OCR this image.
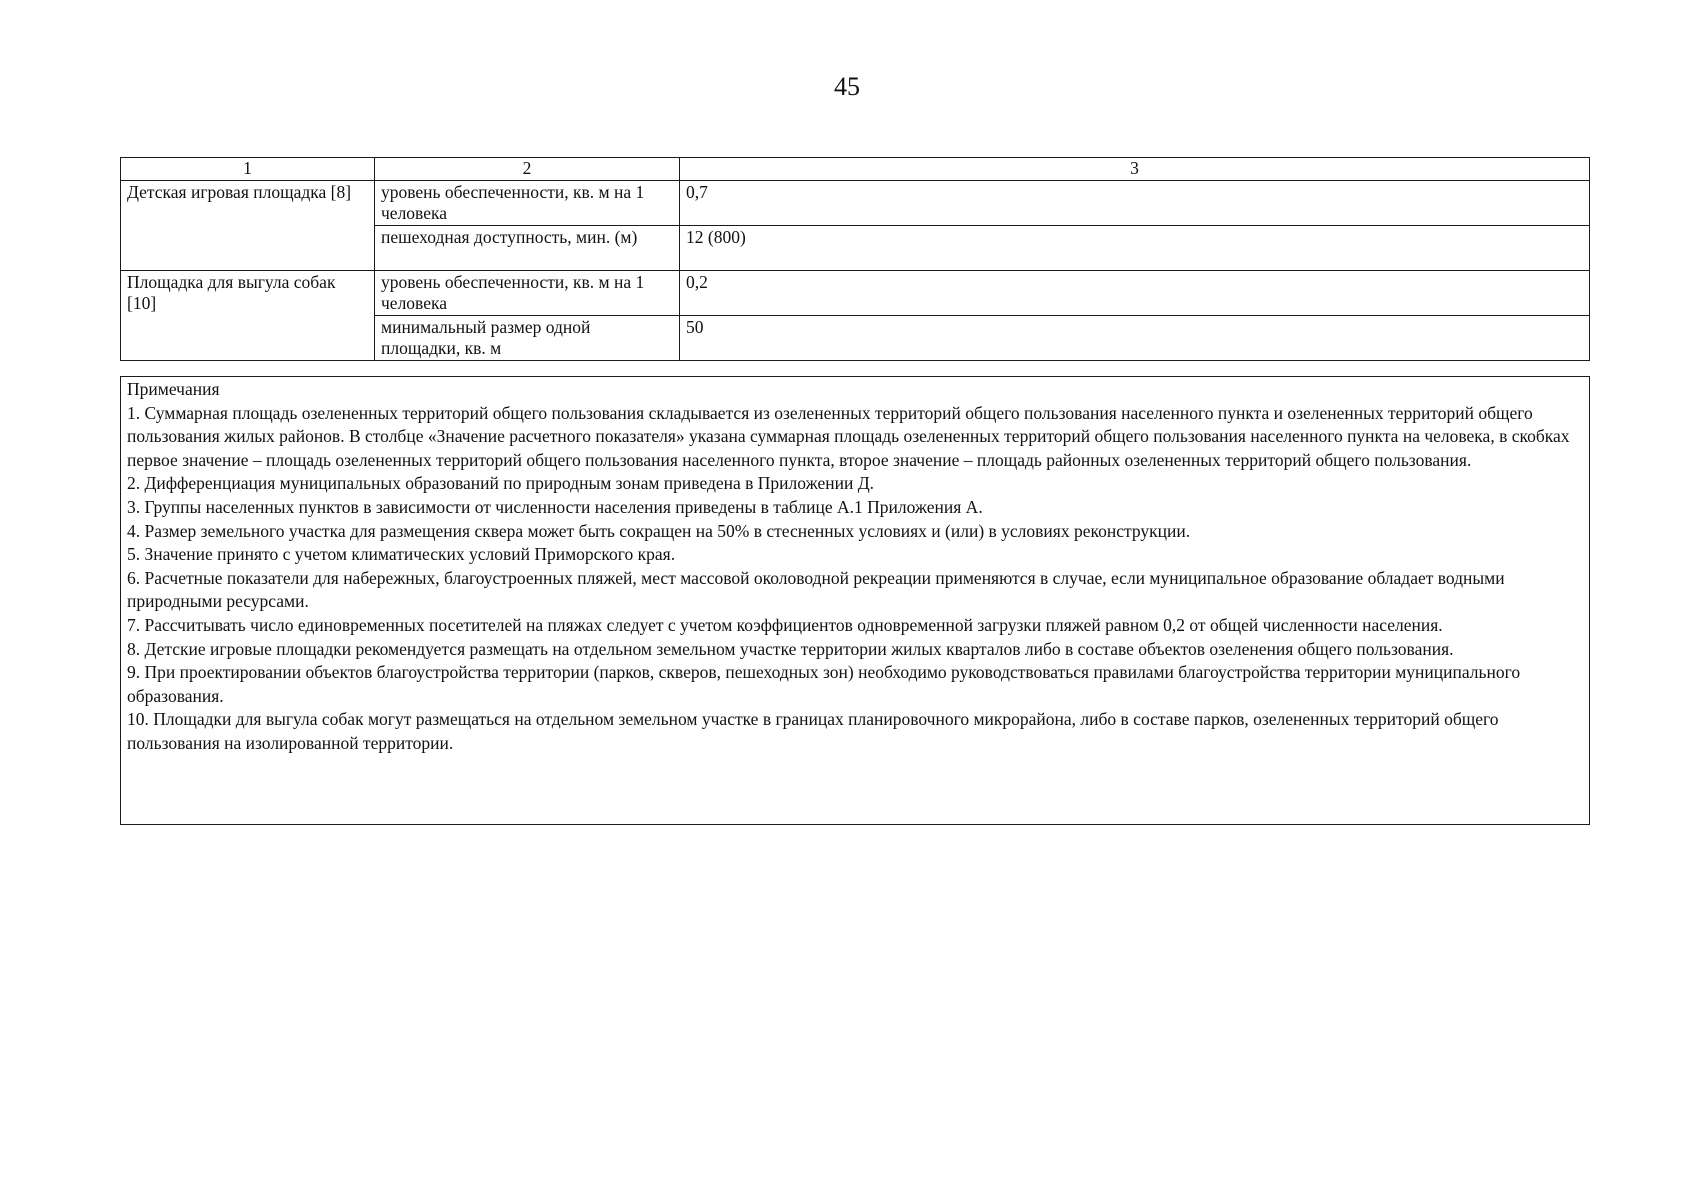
45
1	2	3
Детская игровая площадка [8]	уровень обеспеченности, кв. м на 1 человека	0,7
	пешеходная доступность, мин. (м)	12 (800)
Площадка для выгула собак [10]	уровень обеспеченности, кв. м на 1 человека	0,2
	минимальный размер одной площадки, кв. м	50

Примечания

1. Суммарная площадь озелененных территорий общего пользования складывается из озелененных территорий общего пользования населенного пункта и озелененных территорий общего пользования жилых районов. В столбце «Значение расчетного показателя» указана суммарная площадь озелененных территорий общего пользования населенного пункта на человека, в скобках первое значение – площадь озелененных территорий общего пользования населенного пункта, второе значение – площадь районных озелененных территорий общего пользования.

2. Дифференциация муниципальных образований по природным зонам приведена в Приложении Д.

3. Группы населенных пунктов в зависимости от численности населения приведены в таблице А.1 Приложения А.

4. Размер земельного участка для размещения сквера может быть сокращен на 50% в стесненных условиях и (или) в условиях реконструкции.

5. Значение принято с учетом климатических условий Приморского края.

6. Расчетные показатели для набережных, благоустроенных пляжей, мест массовой околоводной рекреации применяются в случае, если муниципальное образование обладает водными природными ресурсами.

7. Рассчитывать число единовременных посетителей на пляжах следует с учетом коэффициентов одновременной загрузки пляжей равном 0,2 от общей численности населения.

8. Детские игровые площадки рекомендуется размещать на отдельном земельном участке территории жилых кварталов либо в составе объектов озеленения общего пользования.

9. При проектировании объектов благоустройства территории (парков, скверов, пешеходных зон) необходимо руководствоваться правилами благоустройства территории муниципального образования.

10. Площадки для выгула собак могут размещаться на отдельном земельном участке в границах планировочного микрорайона, либо в составе парков, озелененных территорий общего пользования на изолированной территории.
